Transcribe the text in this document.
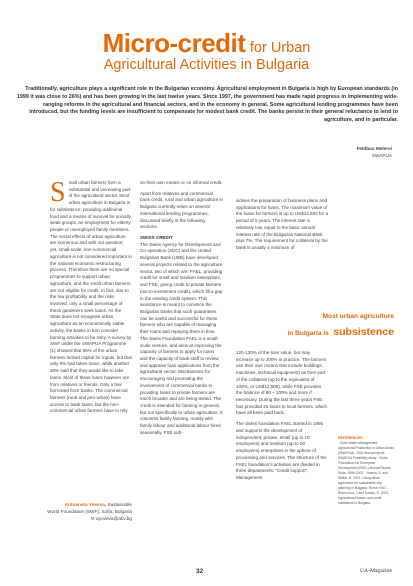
Micro-credit for Urban
Agricultural Activities in Bulgaria
Traditionally, agriculture plays a significant role in the Bulgarian economy. Agricultural employment in Bulgaria is high by European standards (in 1999 it was close to 26%) and has been growing in the last twelve years. Since 1997, the government has made rapid progress in implementing wide-ranging reforms in the agricultural and financial sectors, and in the economy in general. Some agricultural lending programmes have been introduced, but the funding levels are insufficient to compensate for modest bank credit. The banks persist in their general reluctance to lend to agriculture, and in particular.

Small urban farmers form a substantial and increasing part of the agricultural sector. Most urban agriculture in Bulgaria is for subsistence, providing additional food and a means of survival for socially weak groups, an employment for elderly people or unemployed family members. The social effects of urban agriculture are numerous and with out question; yet, small-scale, non-commercial agriculture is not considered important in the national economic restructuring process. Therefore there are no special programmes to support urban agriculture, and the small urban farmers are not eligible for credit. In fact, due to the low profitability and the risks involved, only a small percentage of these gardeners seek loans. As the State does not recognise urban agriculture as an economically viable activity, the banks in turn consider farming activities to be risky. A survey by SWF under the SWAPUA Programme (1) showed that 55% of the urban farmers lacked capital for inputs, but that only 9% had taken loans, while another 20% said that they would like to take loans. Most of these loans however are from relatives or friends. Only a few borrowed from banks. The commercial farmers (rural and peri-urban) have access to bank loans, but the non-commercial urban farmers have to rely

on their own means or on informal credit.

Apart from relatives and commercial bank credit, rural and urban agriculture in Bulgaria currently relies on several international lending programmes, discussed briefly in the following sections.

SWISS CREDIT

The Swiss Agency for Development and Co-operation (SDC) and the United Bulgarian Bank (UBB) have developed several projects related to the agriculture sector, two of which are: FAEL, providing credit for small and medium enterprises, and FSE, giving credit to private farmers (micro-investment credit), which fill a gap in the existing credit system. This assistance is meant to convince the Bulgarian banks that such guarantees can be useful and successful for these farmers who are capable of managing their loans and repaying them in time. The Swiss Foundation FAEL is a small-scale venture, and aims at improving the capacity of farmers to apply for loans and the capacity of bank staff to review and appraise loan applications from the agricultural sector. Mechanisms for encouraging and promoting the involvement of commercial banks in providing loans to private farmers are much broader and are being tested. The credit is intended for farming in general, but not specifically to urban agriculture. It concerns family farming, mainly with family labour and additional labour hired seasonally. FSE sub-

sidises the preparation of business plans and applications for loans. The maximum value of the loans for farmers is up to US$12,500 for a period of 5 years. The interest rate is relatively low, equal to the basic annual interest rate of the Bulgarian National Bank plus 7%. The requirement for collateral by the bank is usually a minimum of

120-130% of the loan value, but may increase up to 200% in practice. The farmers use their own means that include buildings, machines, technical equipment) as their part of the collateral (up to the equivalent of 100%, or US$12,500), while FSE provides the balance of 80 – 100% and more if necessary. During the last three years FSE has provided 25 loans to local farmers, which have all been paid back.

The Swiss foundation FAEL started in 1995 and supports the development of independent, private, small (up to 10 employees) and medium (up to 50 employees) enterprises in the sphere of processing and services. The structure of the FAEL foundation's activities are divided in three departments: "Credit support", Management

Feldbau Melerei
SWAPUA
Most urban agriculture
in Bulgaria is subsistence
REFERENCES
- Sofia Water Management Agricultural Production in Urban Areas (SWAPUA). 2001 Annual report: SWAPUA Feasibility study - Swiss Foundation for Enterprise Development (FAEL) Annual Report, Sofia, 1996-2002 - Yoveva, A. and Walter, B. 2001. Using urban agriculture for sustainable city planning in Bulgaria. Rome: FAO - Rumenova, I. and Kostov, D. 2002. Agricultural finance and credit institutions in Bulgaria.
Antoaneta Yoveva, Sustainable
World Foundation (SWF), Sofia, Bulgaria
✉ ayoveva@abv.bg
32	UA-Magazine
